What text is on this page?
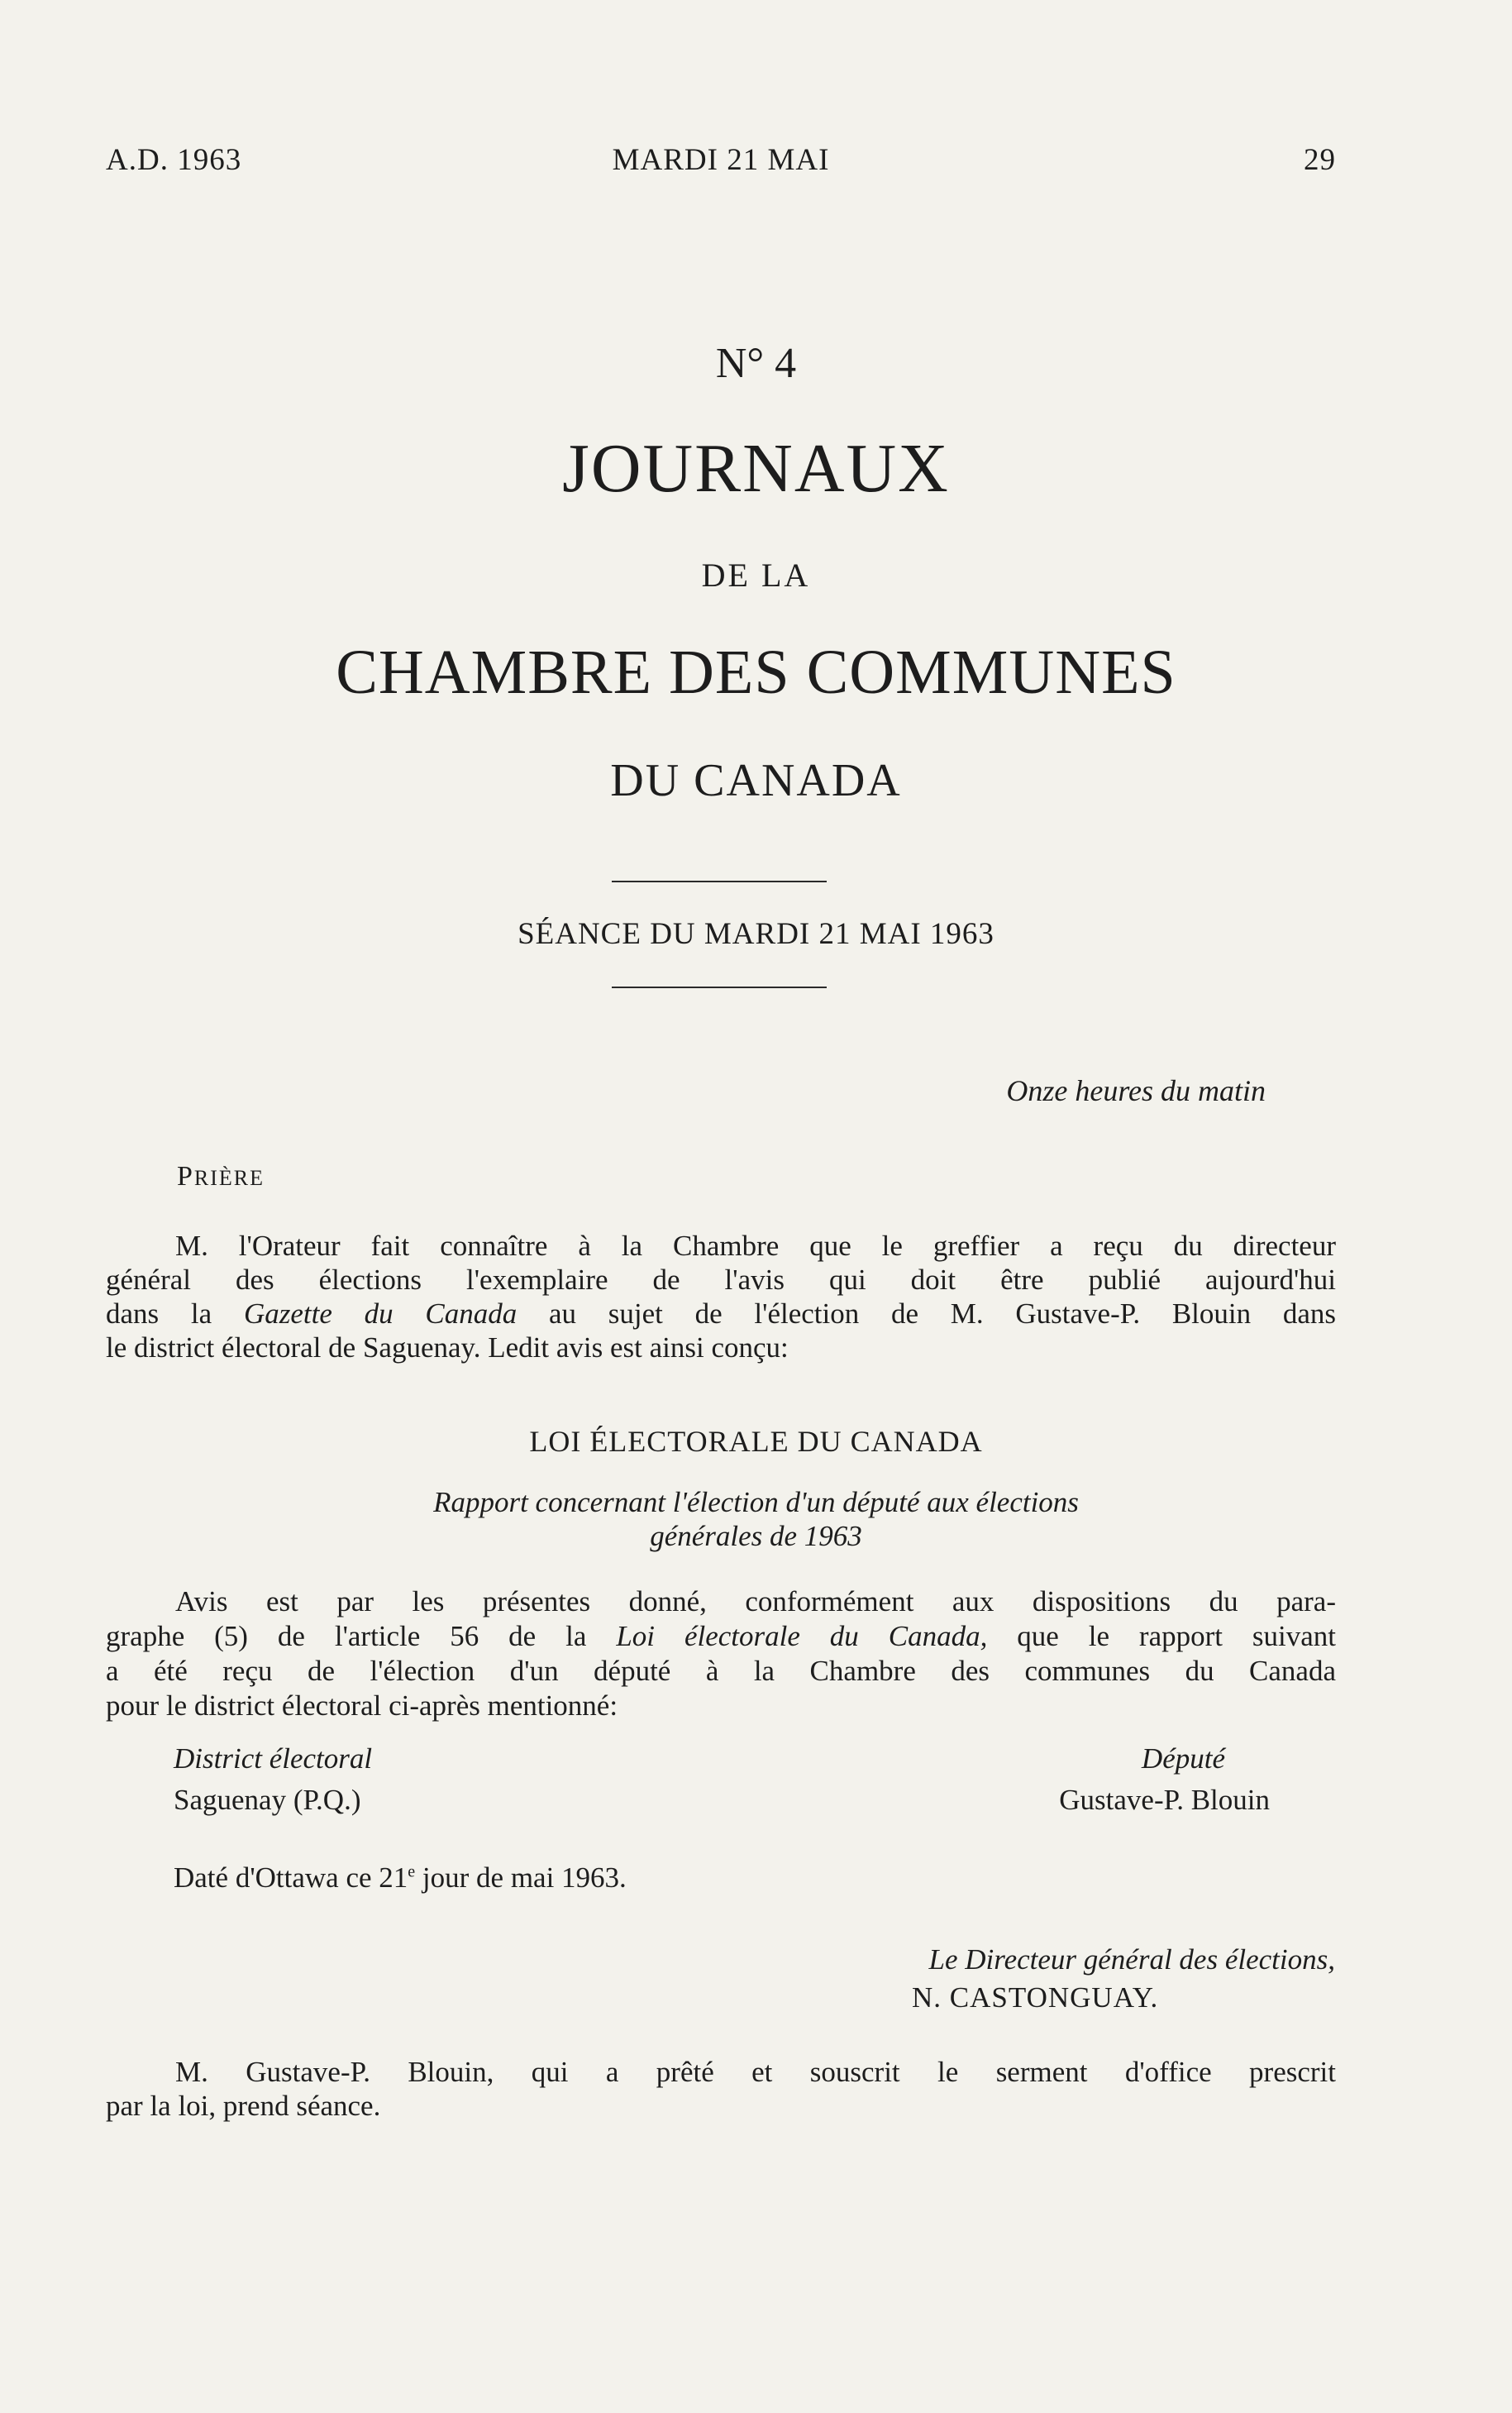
A.D. 1963	MARDI 21 MAI	29
N° 4
JOURNAUX
DE LA
CHAMBRE DES COMMUNES
DU CANADA
SÉANCE DU MARDI 21 MAI 1963
Onze heures du matin
PRIÈRE
M. l'Orateur fait connaître à la Chambre que le greffier a reçu du directeur
général des élections l'exemplaire de l'avis qui doit être publié aujourd'hui
dans la Gazette du Canada au sujet de l'élection de M. Gustave-P. Blouin dans
le district électoral de Saguenay. Ledit avis est ainsi conçu:
LOI ÉLECTORALE DU CANADA
Rapport concernant l'élection d'un député aux élections
générales de 1963
Avis est par les présentes donné, conformément aux dispositions du para-
graphe (5) de l'article 56 de la Loi électorale du Canada, que le rapport suivant
a été reçu de l'élection d'un député à la Chambre des communes du Canada
pour le district électoral ci-après mentionné:
District électoral	Député
Saguenay (P.Q.)	Gustave-P. Blouin
Daté d'Ottawa ce 21e jour de mai 1963.
Le Directeur général des élections,
N. CASTONGUAY.
M. Gustave-P. Blouin, qui a prêté et souscrit le serment d'office prescrit
par la loi, prend séance.
